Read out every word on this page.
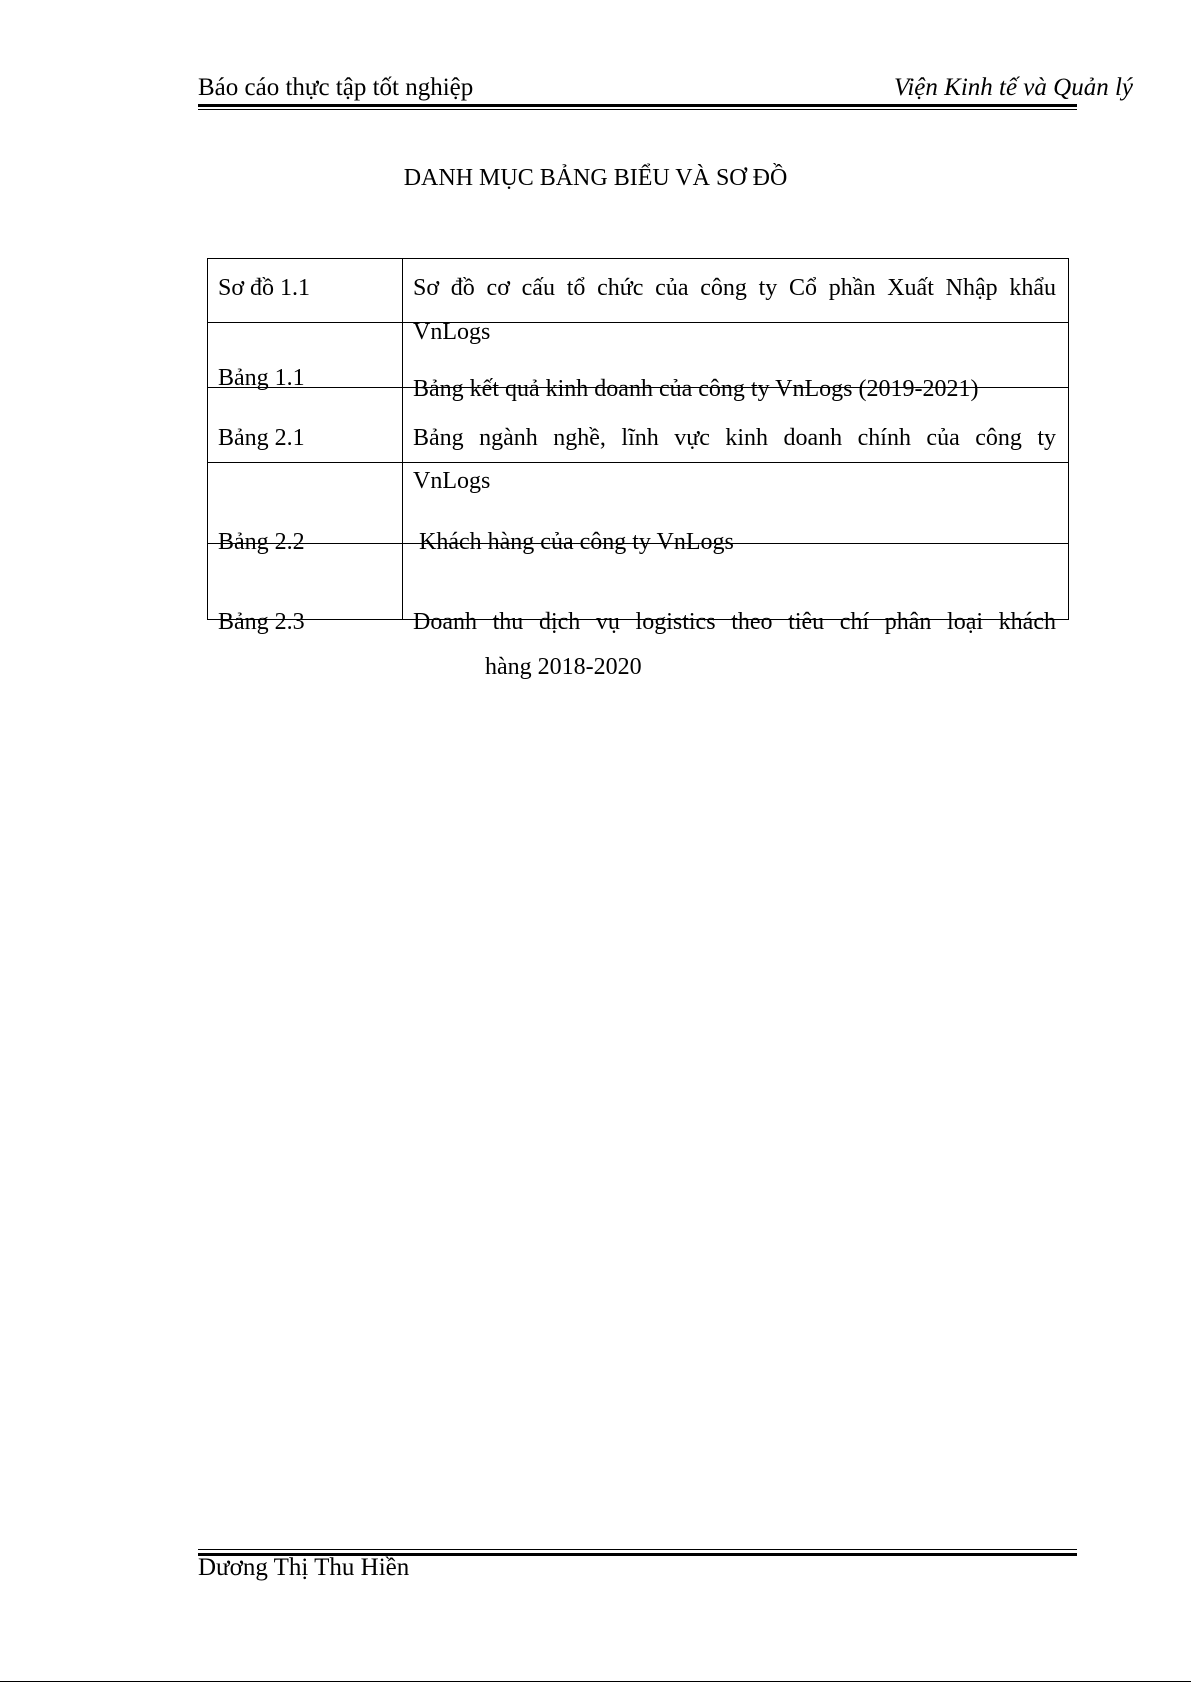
Báo cáo thực tập tốt nghiệp	Viện Kinh tế và Quản lý
DANH MỤC BẢNG BIỂU VÀ SƠ ĐỒ
Sơ đồ 1.1	Sơ đồ cơ cấu tổ chức của công ty Cổ phần Xuất Nhập khẩu
VnLogs
Bảng 1.1	Bảng kết quả kinh doanh của công ty VnLogs (2019-2021)
Bảng 2.1	Bảng ngành nghề, lĩnh vực kinh doanh chính của công ty
VnLogs
Bảng 2.2	Khách hàng của công ty VnLogs
Bảng 2.3	Doanh thu dịch vụ logistics theo tiêu chí phân loại khách
hàng 2018-2020
Dương Thị Thu Hiền
